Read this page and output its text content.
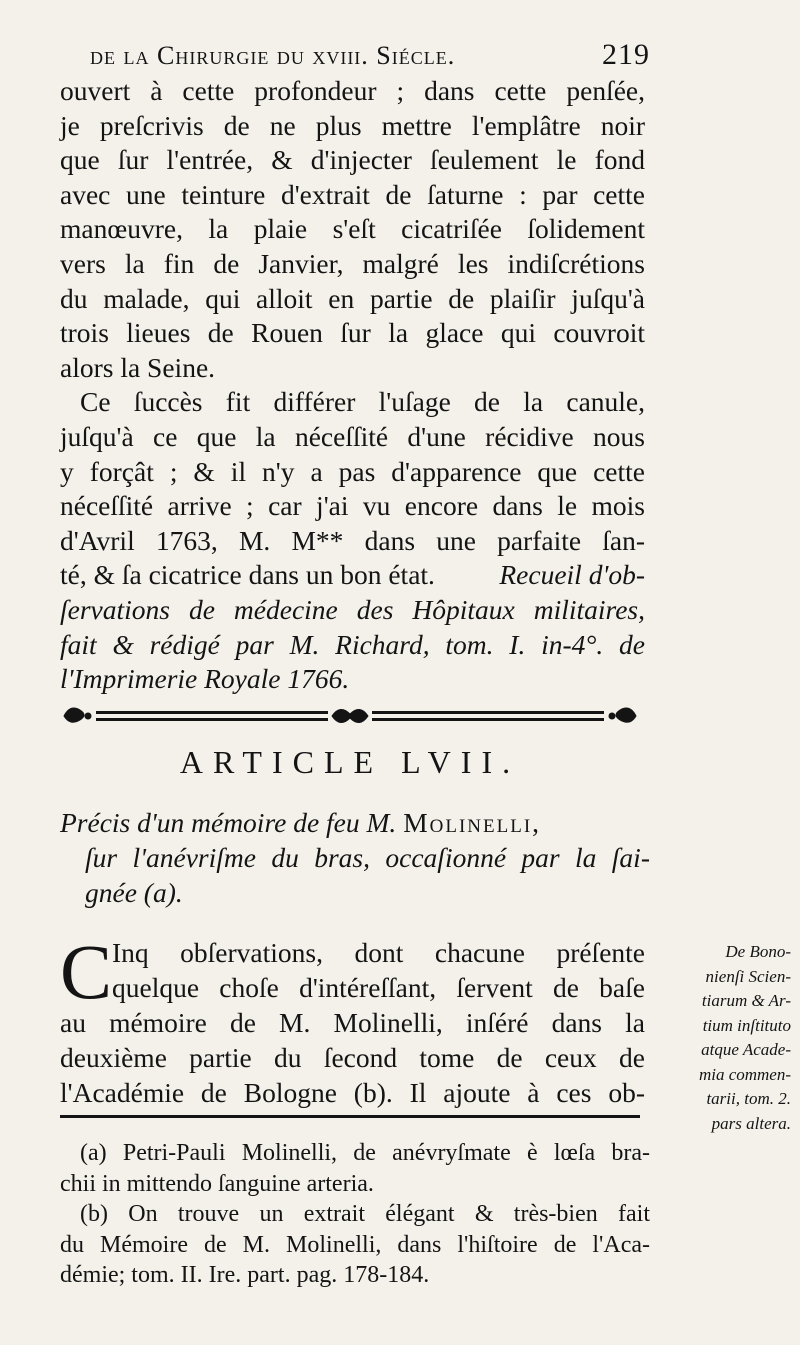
de la Chirurgie du xviii. Siécle.	219
ouvert à cette profondeur ; dans cette penſée,
je preſcrivis de ne plus mettre l'emplâtre noir
que ſur l'entrée, & d'injecter ſeulement le fond
avec une teinture d'extrait de ſaturne : par cette
manœuvre, la plaie s'eſt cicatriſée ſolidement
vers la fin de Janvier, malgré les indiſcrétions
du malade, qui alloit en partie de plaiſir juſqu'à
trois lieues de Rouen ſur la glace qui couvroit
alors la Seine.
Ce ſuccès fit différer l'uſage de la canule,
juſqu'à ce que la néceſſité d'une récidive nous
y forçât ; & il n'y a pas d'apparence que cette
néceſſité arrive ; car j'ai vu encore dans le mois
d'Avril 1763, M. M** dans une parfaite ſan-
té, & ſa cicatrice dans un bon état. Recueil d'ob-
ſervations de médecine des Hôpitaux militaires,
fait & rédigé par M. Richard, tom. I. in-4°. de
l'Imprimerie Royale 1766.
ARTICLE LVII.
Précis d'un mémoire de feu M. Molinelli,
ſur l'anévriſme du bras, occaſionné par la ſai-
gnée (a).
C Inq obſervations, dont chacune préſente
quelque choſe d'intéreſſant, ſervent de baſe
au mémoire de M. Molinelli, inſéré dans la
deuxième partie du ſecond tome de ceux de
l'Académie de Bologne (b). Il ajoute à ces ob-
De Bono-
nienſi Scien-
tiarum & Ar-
tium inſtituto
atque Acade-
mia commen-
tarii, tom. 2.
pars altera.
(a) Petri-Pauli Molinelli, de anévryſmate è lœſa bra-
chii in mittendo ſanguine arteria.
(b) On trouve un extrait élégant & très-bien fait
du Mémoire de M. Molinelli, dans l'hiſtoire de l'Aca-
démie; tom. II. Ire. part. pag. 178-184.
